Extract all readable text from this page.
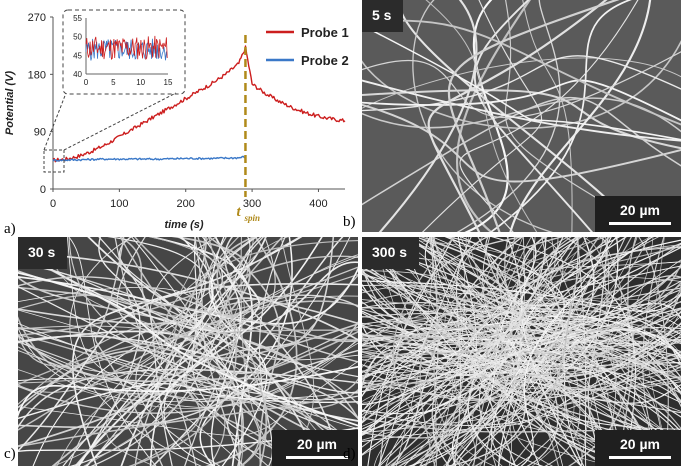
0
90
180
270
0	100	200	300	400
time (s)
Potential (V)
t spin
40
45
50
55
0	5	10 15
Probe 1
Probe 2
a)
5 s
20 µm
b)
30 s
20 µm
c)
300 s
20 µm
d)
